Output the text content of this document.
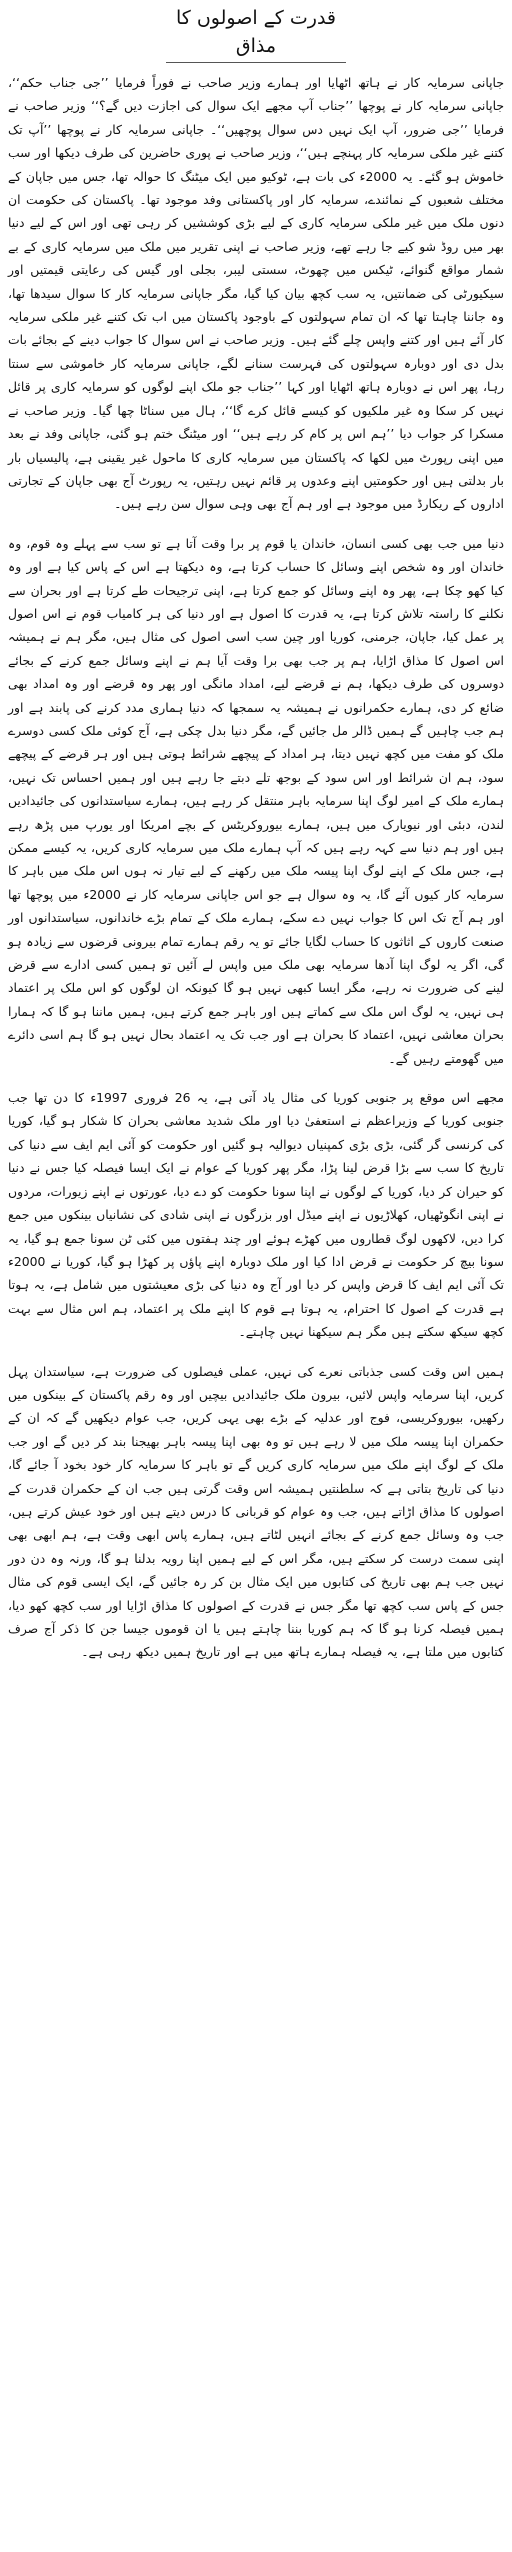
قدرت کے اصولوں کا مذاق

جاپانی سرمایہ کار نے ہاتھ اٹھایا اور ہمارے وزیر صاحب نے فوراً فرمایا ’’جی جناب حکم‘‘، جاپانی سرمایہ کار نے پوچھا ’’جناب آپ مجھے ایک سوال کی اجازت دیں گے؟‘‘ وزیر صاحب نے فرمایا ’’جی ضرور، آپ ایک نہیں دس سوال پوچھیں‘‘۔ جاپانی سرمایہ کار نے پوچھا ’’آپ تک کتنے غیر ملکی سرمایہ کار پہنچے ہیں‘‘، وزیر صاحب نے پوری حاضرین کی طرف دیکھا اور سب خاموش ہو گئے۔ یہ 2000ء کی بات ہے، ٹوکیو میں ایک میٹنگ کا حوالہ تھا، جس میں جاپان کے مختلف شعبوں کے نمائندے، سرمایہ کار اور پاکستانی وفد موجود تھا۔ پاکستان کی حکومت ان دنوں ملک میں غیر ملکی سرمایہ کاری کے لیے بڑی کوششیں کر رہی تھی اور اس کے لیے دنیا بھر میں روڈ شو کیے جا رہے تھے، وزیر صاحب نے اپنی تقریر میں ملک میں سرمایہ کاری کے بے شمار مواقع گنوائے، ٹیکس میں چھوٹ، سستی لیبر، بجلی اور گیس کی رعایتی قیمتیں اور سیکیورٹی کی ضمانتیں، یہ سب کچھ بیان کیا گیا، مگر جاپانی سرمایہ کار کا سوال سیدھا تھا، وہ جاننا چاہتا تھا کہ ان تمام سہولتوں کے باوجود پاکستان میں اب تک کتنے غیر ملکی سرمایہ کار آئے ہیں اور کتنے واپس چلے گئے ہیں۔ وزیر صاحب نے اس سوال کا جواب دینے کے بجائے بات بدل دی اور دوبارہ سہولتوں کی فہرست سنانے لگے، جاپانی سرمایہ کار خاموشی سے سنتا رہا، پھر اس نے دوبارہ ہاتھ اٹھایا اور کہا ’’جناب جو ملک اپنے لوگوں کو سرمایہ کاری پر قائل نہیں کر سکا وہ غیر ملکیوں کو کیسے قائل کرے گا‘‘، ہال میں سناٹا چھا گیا۔ وزیر صاحب نے مسکرا کر جواب دیا ’’ہم اس پر کام کر رہے ہیں‘‘ اور میٹنگ ختم ہو گئی، جاپانی وفد نے بعد میں اپنی رپورٹ میں لکھا کہ پاکستان میں سرمایہ کاری کا ماحول غیر یقینی ہے، پالیسیاں بار بار بدلتی ہیں اور حکومتیں اپنے وعدوں پر قائم نہیں رہتیں، یہ رپورٹ آج بھی جاپان کے تجارتی اداروں کے ریکارڈ میں موجود ہے اور ہم آج بھی وہی سوال سن رہے ہیں۔

دنیا میں جب بھی کسی انسان، خاندان یا قوم پر برا وقت آتا ہے تو سب سے پہلے وہ قوم، وہ خاندان اور وہ شخص اپنے وسائل کا حساب کرتا ہے، وہ دیکھتا ہے اس کے پاس کیا ہے اور وہ کیا کھو چکا ہے، پھر وہ اپنے وسائل کو جمع کرتا ہے، اپنی ترجیحات طے کرتا ہے اور بحران سے نکلنے کا راستہ تلاش کرتا ہے، یہ قدرت کا اصول ہے اور دنیا کی ہر کامیاب قوم نے اس اصول پر عمل کیا، جاپان، جرمنی، کوریا اور چین سب اسی اصول کی مثال ہیں، مگر ہم نے ہمیشہ اس اصول کا مذاق اڑایا، ہم پر جب بھی برا وقت آیا ہم نے اپنے وسائل جمع کرنے کے بجائے دوسروں کی طرف دیکھا، ہم نے قرضے لیے، امداد مانگی اور پھر وہ قرضے اور وہ امداد بھی ضائع کر دی، ہمارے حکمرانوں نے ہمیشہ یہ سمجھا کہ دنیا ہماری مدد کرنے کی پابند ہے اور ہم جب چاہیں گے ہمیں ڈالر مل جائیں گے، مگر دنیا بدل چکی ہے، آج کوئی ملک کسی دوسرے ملک کو مفت میں کچھ نہیں دیتا، ہر امداد کے پیچھے شرائط ہوتی ہیں اور ہر قرضے کے پیچھے سود، ہم ان شرائط اور اس سود کے بوجھ تلے دبتے جا رہے ہیں اور ہمیں احساس تک نہیں، ہمارے ملک کے امیر لوگ اپنا سرمایہ باہر منتقل کر رہے ہیں، ہمارے سیاستدانوں کی جائیدادیں لندن، دبئی اور نیویارک میں ہیں، ہمارے بیوروکریٹس کے بچے امریکا اور یورپ میں پڑھ رہے ہیں اور ہم دنیا سے کہہ رہے ہیں کہ آپ ہمارے ملک میں سرمایہ کاری کریں، یہ کیسے ممکن ہے، جس ملک کے اپنے لوگ اپنا پیسہ ملک میں رکھنے کے لیے تیار نہ ہوں اس ملک میں باہر کا سرمایہ کار کیوں آئے گا، یہ وہ سوال ہے جو اس جاپانی سرمایہ کار نے 2000ء میں پوچھا تھا اور ہم آج تک اس کا جواب نہیں دے سکے، ہمارے ملک کے تمام بڑے خاندانوں، سیاستدانوں اور صنعت کاروں کے اثاثوں کا حساب لگایا جائے تو یہ رقم ہمارے تمام بیرونی قرضوں سے زیادہ ہو گی، اگر یہ لوگ اپنا آدھا سرمایہ بھی ملک میں واپس لے آئیں تو ہمیں کسی ادارے سے قرض لینے کی ضرورت نہ رہے، مگر ایسا کبھی نہیں ہو گا کیونکہ ان لوگوں کو اس ملک پر اعتماد ہی نہیں، یہ لوگ اس ملک سے کماتے ہیں اور باہر جمع کرتے ہیں، ہمیں ماننا ہو گا کہ ہمارا بحران معاشی نہیں، اعتماد کا بحران ہے اور جب تک یہ اعتماد بحال نہیں ہو گا ہم اسی دائرے میں گھومتے رہیں گے۔

مجھے اس موقع پر جنوبی کوریا کی مثال یاد آتی ہے، یہ 26 فروری 1997ء کا دن تھا جب جنوبی کوریا کے وزیراعظم نے استعفیٰ دیا اور ملک شدید معاشی بحران کا شکار ہو گیا، کوریا کی کرنسی گر گئی، بڑی بڑی کمپنیاں دیوالیہ ہو گئیں اور حکومت کو آئی ایم ایف سے دنیا کی تاریخ کا سب سے بڑا قرض لینا پڑا، مگر پھر کوریا کے عوام نے ایک ایسا فیصلہ کیا جس نے دنیا کو حیران کر دیا، کوریا کے لوگوں نے اپنا سونا حکومت کو دے دیا، عورتوں نے اپنے زیورات، مردوں نے اپنی انگوٹھیاں، کھلاڑیوں نے اپنے میڈل اور بزرگوں نے اپنی شادی کی نشانیاں بینکوں میں جمع کرا دیں، لاکھوں لوگ قطاروں میں کھڑے ہوئے اور چند ہفتوں میں کئی ٹن سونا جمع ہو گیا، یہ سونا بیچ کر حکومت نے قرض ادا کیا اور ملک دوبارہ اپنے پاؤں پر کھڑا ہو گیا، کوریا نے 2000ء تک آئی ایم ایف کا قرض واپس کر دیا اور آج وہ دنیا کی بڑی معیشتوں میں شامل ہے، یہ ہوتا ہے قدرت کے اصول کا احترام، یہ ہوتا ہے قوم کا اپنے ملک پر اعتماد، ہم اس مثال سے بہت کچھ سیکھ سکتے ہیں مگر ہم سیکھنا نہیں چاہتے۔

ہمیں اس وقت کسی جذباتی نعرے کی نہیں، عملی فیصلوں کی ضرورت ہے، سیاستدان پہل کریں، اپنا سرمایہ واپس لائیں، بیرون ملک جائیدادیں بیچیں اور وہ رقم پاکستان کے بینکوں میں رکھیں، بیوروکریسی، فوج اور عدلیہ کے بڑے بھی یہی کریں، جب عوام دیکھیں گے کہ ان کے حکمران اپنا پیسہ ملک میں لا رہے ہیں تو وہ بھی اپنا پیسہ باہر بھیجنا بند کر دیں گے اور جب ملک کے لوگ اپنے ملک میں سرمایہ کاری کریں گے تو باہر کا سرمایہ کار خود بخود آ جائے گا، دنیا کی تاریخ بتاتی ہے کہ سلطنتیں ہمیشہ اس وقت گرتی ہیں جب ان کے حکمران قدرت کے اصولوں کا مذاق اڑاتے ہیں، جب وہ عوام کو قربانی کا درس دیتے ہیں اور خود عیش کرتے ہیں، جب وہ وسائل جمع کرنے کے بجائے انہیں لٹاتے ہیں، ہمارے پاس ابھی وقت ہے، ہم ابھی بھی اپنی سمت درست کر سکتے ہیں، مگر اس کے لیے ہمیں اپنا رویہ بدلنا ہو گا، ورنہ وہ دن دور نہیں جب ہم بھی تاریخ کی کتابوں میں ایک مثال بن کر رہ جائیں گے، ایک ایسی قوم کی مثال جس کے پاس سب کچھ تھا مگر جس نے قدرت کے اصولوں کا مذاق اڑایا اور سب کچھ کھو دیا، ہمیں فیصلہ کرنا ہو گا کہ ہم کوریا بننا چاہتے ہیں یا ان قوموں جیسا جن کا ذکر آج صرف کتابوں میں ملتا ہے، یہ فیصلہ ہمارے ہاتھ میں ہے اور تاریخ ہمیں دیکھ رہی ہے۔
